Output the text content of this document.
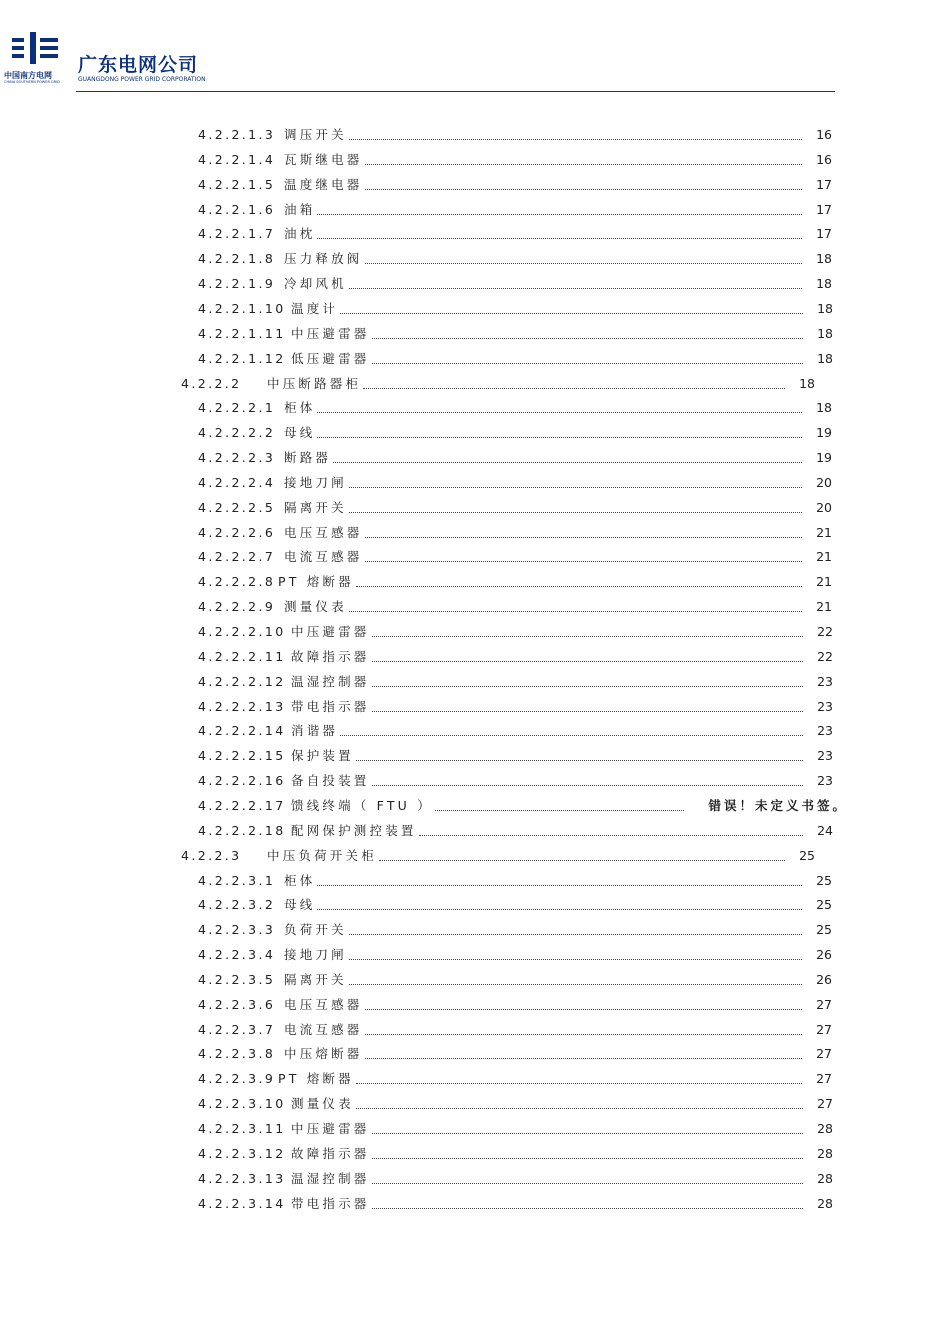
中国南方电网
CHINA SOUTHERN POWER GRID
广东电网公司
GUANGDONG POWER GRID CORPORATION
4.2.2.1.3 调压开关	16
4.2.2.1.4 瓦斯继电器	16
4.2.2.1.5 温度继电器	17
4.2.2.1.6 油箱	17
4.2.2.1.7 油枕	17
4.2.2.1.8 压力释放阀	18
4.2.2.1.9 冷却风机	18
4.2.2.1.10 温度计	18
4.2.2.1.11 中压避雷器	18
4.2.2.1.12 低压避雷器	18
4.2.2.2	中压断路器柜	18
4.2.2.2.1 柜体	18
4.2.2.2.2 母线	19
4.2.2.2.3 断路器	19
4.2.2.2.4 接地刀闸	20
4.2.2.2.5 隔离开关	20
4.2.2.2.6 电压互感器	21
4.2.2.2.7 电流互感器	21
4.2.2.2.8 PT 熔断器	21
4.2.2.2.9 测量仪表	21
4.2.2.2.10 中压避雷器	22
4.2.2.2.11 故障指示器	22
4.2.2.2.12 温湿控制器	23
4.2.2.2.13 带电指示器	23
4.2.2.2.14 消谐器	23
4.2.2.2.15 保护装置	23
4.2.2.2.16 备自投装置	23
4.2.2.2.17 馈线终端（ FTU ）	错误！未定义书签。
4.2.2.2.18 配网保护测控装置	24
4.2.2.3	中压负荷开关柜	25
4.2.2.3.1 柜体	25
4.2.2.3.2 母线	25
4.2.2.3.3 负荷开关	25
4.2.2.3.4 接地刀闸	26
4.2.2.3.5 隔离开关	26
4.2.2.3.6 电压互感器	27
4.2.2.3.7 电流互感器	27
4.2.2.3.8 中压熔断器	27
4.2.2.3.9 PT 熔断器	27
4.2.2.3.10 测量仪表	27
4.2.2.3.11 中压避雷器	28
4.2.2.3.12 故障指示器	28
4.2.2.3.13 温湿控制器	28
4.2.2.3.14 带电指示器	28
